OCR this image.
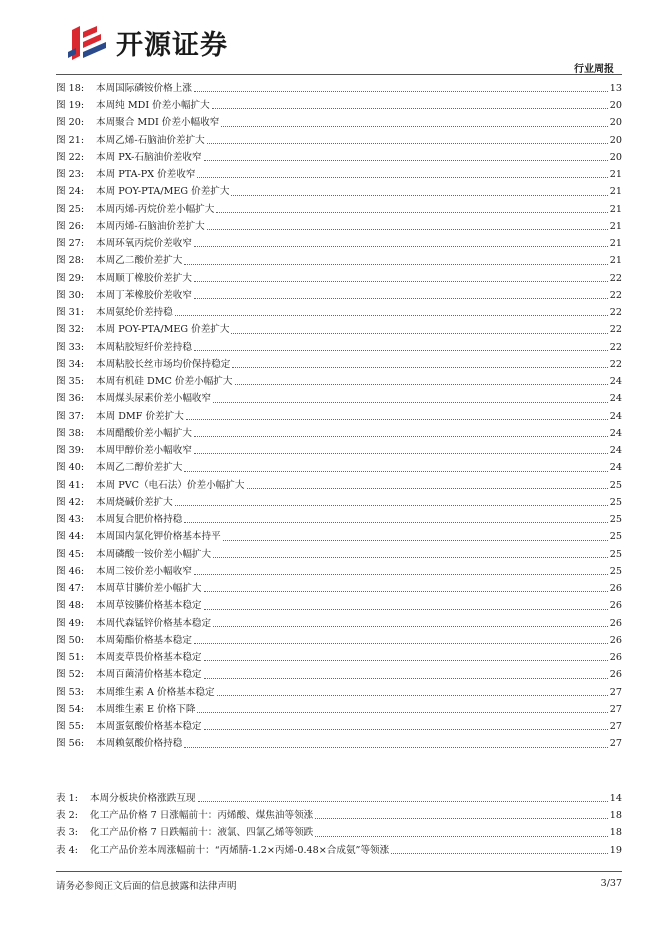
开源证券
行业周报
图 18:	本周国际磷铵价格上涨	13
图 19:	本周纯 MDI 价差小幅扩大	20
图 20:	本周聚合 MDI 价差小幅收窄	20
图 21:	本周乙烯-石脑油价差扩大	20
图 22:	本周 PX-石脑油价差收窄	20
图 23:	本周 PTA-PX 价差收窄	21
图 24:	本周 POY-PTA/MEG 价差扩大	21
图 25:	本周丙烯-丙烷价差小幅扩大	21
图 26:	本周丙烯-石脑油价差扩大	21
图 27:	本周环氧丙烷价差收窄	21
图 28:	本周乙二酸价差扩大	21
图 29:	本周顺丁橡胶价差扩大	22
图 30:	本周丁苯橡胶价差收窄	22
图 31:	本周氨纶价差持稳	22
图 32:	本周 POY-PTA/MEG 价差扩大	22
图 33:	本周粘胶短纤价差持稳	22
图 34:	本周粘胶长丝市场均价保持稳定	22
图 35:	本周有机硅 DMC 价差小幅扩大	24
图 36:	本周煤头尿素价差小幅收窄	24
图 37:	本周 DMF 价差扩大	24
图 38:	本周醋酸价差小幅扩大	24
图 39:	本周甲醇价差小幅收窄	24
图 40:	本周乙二醇价差扩大	24
图 41:	本周 PVC（电石法）价差小幅扩大	25
图 42:	本周烧碱价差扩大	25
图 43:	本周复合肥价格持稳	25
图 44:	本周国内氯化钾价格基本持平	25
图 45:	本周磷酸一铵价差小幅扩大	25
图 46:	本周二铵价差小幅收窄	25
图 47:	本周草甘膦价差小幅扩大	26
图 48:	本周草铵膦价格基本稳定	26
图 49:	本周代森锰锌价格基本稳定	26
图 50:	本周菊酯价格基本稳定	26
图 51:	本周麦草畏价格基本稳定	26
图 52:	本周百菌清价格基本稳定	26
图 53:	本周维生素 A 价格基本稳定	27
图 54:	本周维生素 E 价格下降	27
图 55:	本周蛋氨酸价格基本稳定	27
图 56:	本周赖氨酸价格持稳	27
表 1:	本周分板块价格涨跌互现	14
表 2:	化工产品价格 7 日涨幅前十：丙烯酸、煤焦油等领涨	18
表 3:	化工产品价格 7 日跌幅前十：液氯、四氯乙烯等领跌	18
表 4:	化工产品价差本周涨幅前十：“丙烯腈-1.2×丙烯-0.48×合成氨”等领涨	19
请务必参阅正文后面的信息披露和法律声明	3/37
